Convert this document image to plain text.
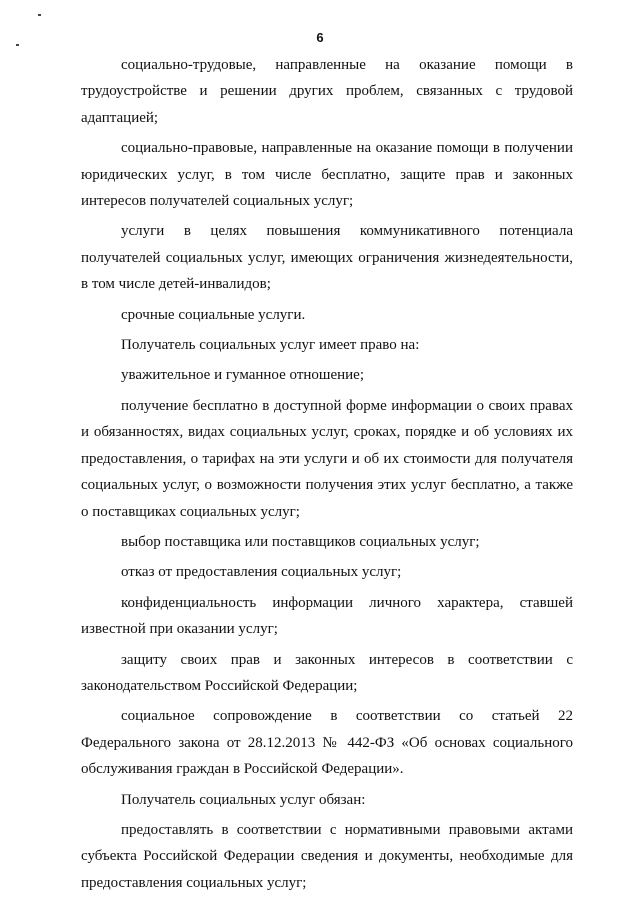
6

социально-трудовые, направленные на оказание помощи в трудоустройстве и решении других проблем, связанных с трудовой адаптацией;

социально-правовые, направленные на оказание помощи в получении юридических услуг, в том числе бесплатно, защите прав и законных интересов получателей социальных услуг;

услуги в целях повышения коммуникативного потенциала получателей социальных услуг, имеющих ограничения жизнедеятельности, в том числе детей-инвалидов;

срочные социальные услуги.

Получатель социальных услуг имеет право на:

уважительное и гуманное отношение;

получение бесплатно в доступной форме информации о своих правах и обязанностях, видах социальных услуг, сроках, порядке и об условиях их предоставления, о тарифах на эти услуги и об их стоимости для получателя социальных услуг, о возможности получения этих услуг бесплатно, а также о поставщиках социальных услуг;

выбор поставщика или поставщиков социальных услуг;

отказ от предоставления социальных услуг;

конфиденциальность информации личного характера, ставшей известной при оказании услуг;

защиту своих прав и законных интересов в соответствии с законодательством Российской Федерации;

социальное сопровождение в соответствии со статьей 22 Федерального закона от 28.12.2013 № 442-ФЗ «Об основах социального обслуживания граждан в Российской Федерации».

Получатель социальных услуг обязан:

предоставлять в соответствии с нормативными правовыми актами субъекта Российской Федерации сведения и документы, необходимые для предоставления социальных услуг;
